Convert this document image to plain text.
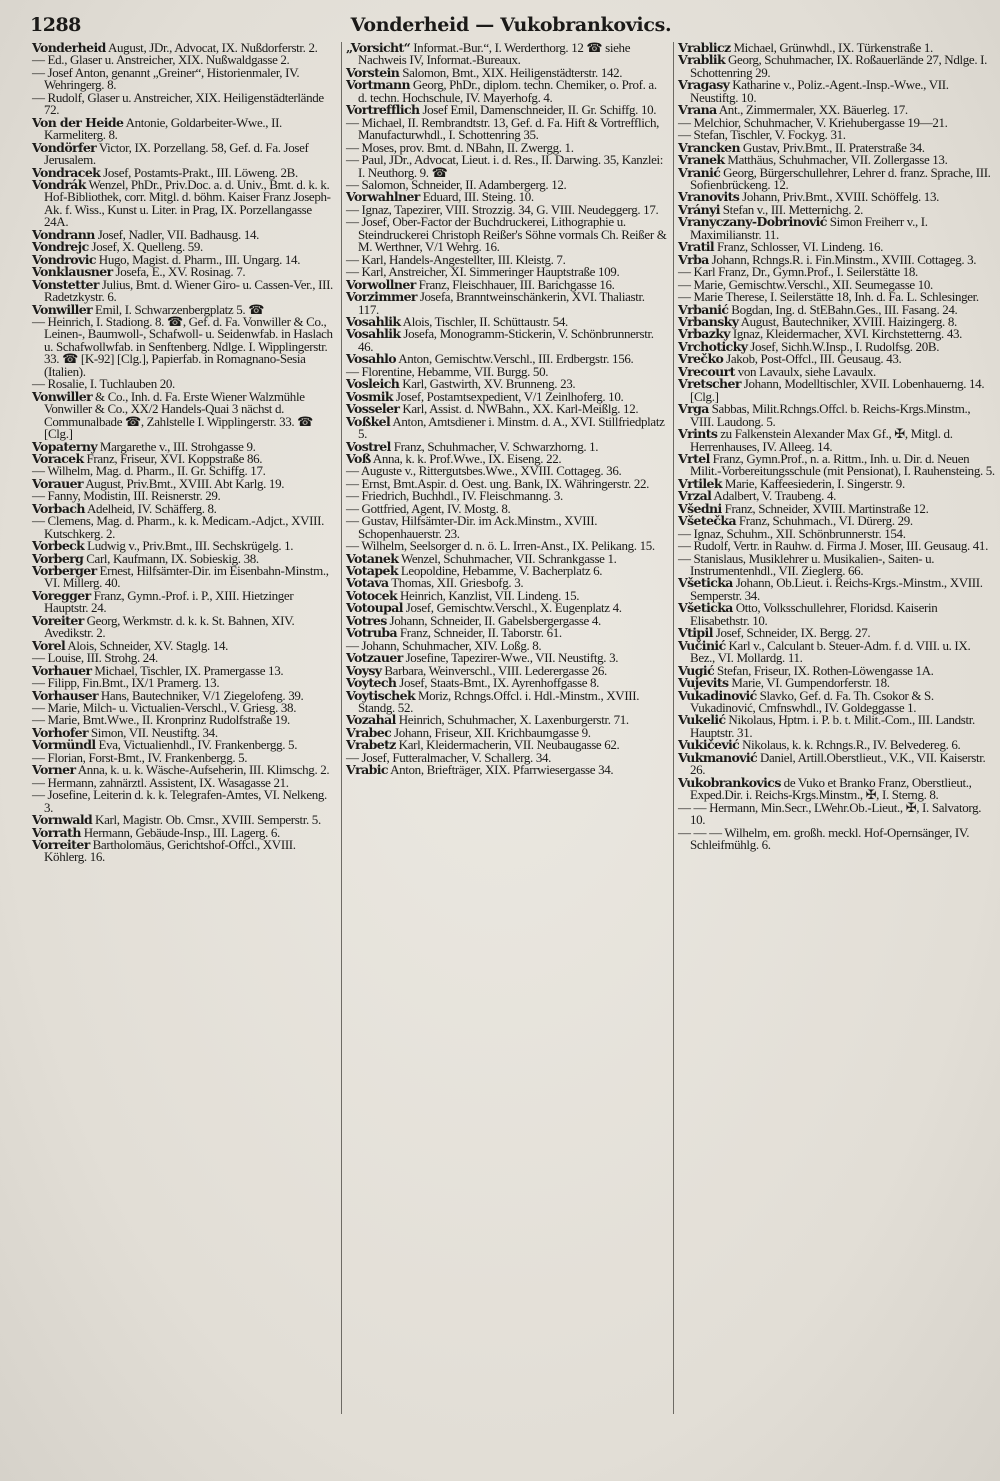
1288	Vonderheid — Vukobrankovics.

Vonderheid August, JDr., Advocat, IX. Nußdorferstr. 2.

— Ed., Glaser u. Anstreicher, XIX. Nußwaldgasse 2.

— Josef Anton, genannt „Greiner“, Historienmaler, IV. Wehringerg. 8.

— Rudolf, Glaser u. Anstreicher, XIX. Heiligenstädterlände 72.

Von der Heide Antonie, Goldarbeiter-Wwe., II. Karmeliterg. 8.

Vondörfer Victor, IX. Porzellang. 58, Gef. d. Fa. Josef Jerusalem.

Vondracek Josef, Postamts-Prakt., III. Löweng. 2B.

Vondrák Wenzel, PhDr., Priv.Doc. a. d. Univ., Bmt. d. k. k. Hof-Bibliothek, corr. Mitgl. d. böhm. Kaiser Franz Joseph-Ak. f. Wiss., Kunst u. Liter. in Prag, IX. Porzellangasse 24A.

Vondrann Josef, Nadler, VII. Badhausg. 14.

Vondrejc Josef, X. Quelleng. 59.

Vondrovic Hugo, Magist. d. Pharm., III. Ungarg. 14.

Vonklausner Josefa, E., XV. Rosinag. 7.

Vonstetter Julius, Bmt. d. Wiener Giro- u. Cassen-Ver., III. Radetzkystr. 6.

Vonwiller Emil, I. Schwarzenbergplatz 5. ☎

— Heinrich, I. Stadiong. 8. ☎, Gef. d. Fa. Vonwiller & Co., Leinen-, Baumwoll-, Schafwoll- u. Seidenwfab. in Haslach u. Schafwollwfab. in Senftenberg. Ndlge. I. Wipplingerstr. 33. ☎ [K-92] [Clg.], Papierfab. in Romagnano-Sesia (Italien).

— Rosalie, I. Tuchlauben 20.

Vonwiller & Co., Inh. d. Fa. Erste Wiener Walzmühle Vonwiller & Co., XX/2 Handels-Quai 3 nächst d. Communalbade ☎, Zahlstelle I. Wipplingerstr. 33. ☎ [Clg.]

Vopaterny Margarethe v., III. Strohgasse 9.

Voracek Franz, Friseur, XVI. Koppstraße 86.

— Wilhelm, Mag. d. Pharm., II. Gr. Schiffg. 17.

Vorauer August, Priv.Bmt., XVIII. Abt Karlg. 19.

— Fanny, Modistin, III. Reisnerstr. 29.

Vorbach Adelheid, IV. Schäfferg. 8.

— Clemens, Mag. d. Pharm., k. k. Medicam.-Adjct., XVIII. Kutschkerg. 2.

Vorbeck Ludwig v., Priv.Bmt., III. Sechskrügelg. 1.

Vorberg Carl, Kaufmann, IX. Sobieskig. 38.

Vorberger Ernest, Hilfsämter-Dir. im Eisenbahn-Minstm., VI. Millerg. 40.

Voregger Franz, Gymn.-Prof. i. P., XIII. Hietzinger Hauptstr. 24.

Voreiter Georg, Werkmstr. d. k. k. St. Bahnen, XIV. Avedikstr. 2.

Vorel Alois, Schneider, XV. Staglg. 14.

— Louise, III. Strohg. 24.

Vorhauer Michael, Tischler, IX. Pramergasse 13.

— Filipp, Fin.Bmt., IX/1 Pramerg. 13.

Vorhauser Hans, Bautechniker, V/1 Ziegelofeng. 39.

— Marie, Milch- u. Victualien-Verschl., V. Griesg. 38.

— Marie, Bmt.Wwe., II. Kronprinz Rudolfstraße 19.

Vorhofer Simon, VII. Neustiftg. 34.

Vormündl Eva, Victualienhdl., IV. Frankenbergg. 5.

— Florian, Forst-Bmt., IV. Frankenbergg. 5.

Vorner Anna, k. u. k. Wäsche-Aufseherin, III. Klimschg. 2.

— Hermann, zahnärztl. Assistent, IX. Wasagasse 21.

— Josefine, Leiterin d. k. k. Telegrafen-Amtes, VI. Nelkeng. 3.

Vornwald Karl, Magistr. Ob. Cmsr., XVIII. Semperstr. 5.

Vorrath Hermann, Gebäude-Insp., III. Lagerg. 6.

Vorreiter Bartholomäus, Gerichtshof-Offcl., XVIII. Köhlerg. 16.

„Vorsicht“ Informat.-Bur.“, I. Werderthorg. 12 ☎ siehe Nachweis IV, Informat.-Bureaux.

Vorstein Salomon, Bmt., XIX. Heiligenstädterstr. 142.

Vortmann Georg, PhDr., diplom. techn. Chemiker, o. Prof. a. d. techn. Hochschule, IV. Mayerhofg. 4.

Vortrefflich Josef Emil, Damenschneider, II. Gr. Schiffg. 10.

— Michael, II. Rembrandtstr. 13, Gef. d. Fa. Hift & Vortrefflich, Manufacturwhdl., I. Schottenring 35.

— Moses, prov. Bmt. d. NBahn, II. Zwergg. 1.

— Paul, JDr., Advocat, Lieut. i. d. Res., II. Darwing. 35, Kanzlei: I. Neuthorg. 9. ☎

— Salomon, Schneider, II. Adambergerg. 12.

Vorwahlner Eduard, III. Steing. 10.

— Ignaz, Tapezirer, VIII. Strozzig. 34, G. VIII. Neudeggerg. 17.

— Josef, Ober-Factor der Buchdruckerei, Lithographie u. Steindruckerei Christoph Reißer's Söhne vormals Ch. Reißer & M. Werthner, V/1 Wehrg. 16.

— Karl, Handels-Angestellter, III. Kleistg. 7.

— Karl, Anstreicher, XI. Simmeringer Hauptstraße 109.

Vorwollner Franz, Fleischhauer, III. Barichgasse 16.

Vorzimmer Josefa, Branntweinschänkerin, XVI. Thaliastr. 117.

Vosahlik Alois, Tischler, II. Schüttaustr. 54.

Vosahlik Josefa, Monogramm-Stickerin, V. Schönbrunnerstr. 46.

Vosahlo Anton, Gemischtw.Verschl., III. Erdbergstr. 156.

— Florentine, Hebamme, VII. Burgg. 50.

Vosleich Karl, Gastwirth, XV. Brunneng. 23.

Vosmik Josef, Postamtsexpedient, V/1 Zeinlhoferg. 10.

Vosseler Karl, Assist. d. NWBahn., XX. Karl-Meißlg. 12.

Voßkel Anton, Amtsdiener i. Minstm. d. A., XVI. Stillfriedplatz 5.

Vostrel Franz, Schuhmacher, V. Schwarzhorng. 1.

Voß Anna, k. k. Prof.Wwe., IX. Eiseng. 22.

— Auguste v., Rittergutsbes.Wwe., XVIII. Cottageg. 36.

— Ernst, Bmt.Aspir. d. Oest. ung. Bank, IX. Währingerstr. 22.

— Friedrich, Buchhdl., IV. Fleischmanng. 3.

— Gottfried, Agent, IV. Mostg. 8.

— Gustav, Hilfsämter-Dir. im Ack.Minstm., XVIII. Schopenhauerstr. 23.

— Wilhelm, Seelsorger d. n. ö. L. Irren-Anst., IX. Pelikang. 15.

Votanek Wenzel, Schuhmacher, VII. Schrankgasse 1.

Votapek Leopoldine, Hebamme, V. Bacherplatz 6.

Votava Thomas, XII. Griesbofg. 3.

Votocek Heinrich, Kanzlist, VII. Lindeng. 15.

Votoupal Josef, Gemischtw.Verschl., X. Eugenplatz 4.

Votres Johann, Schneider, II. Gabelsbergergasse 4.

Votruba Franz, Schneider, II. Taborstr. 61.

— Johann, Schuhmacher, XIV. Loßg. 8.

Votzauer Josefine, Tapezirer-Wwe., VII. Neustiftg. 3.

Voysy Barbara, Weinverschl., VIII. Lederergasse 26.

Voytech Josef, Staats-Bmt., IX. Ayrenhoffgasse 8.

Voytischek Moriz, Rchngs.Offcl. i. Hdl.-Minstm., XVIII. Standg. 52.

Vozahal Heinrich, Schuhmacher, X. Laxenburgerstr. 71.

Vrabec Johann, Friseur, XII. Krichbaumgasse 9.

Vrabetz Karl, Kleidermacherin, VII. Neubaugasse 62.

— Josef, Futteralmacher, V. Schallerg. 34.

Vrabic Anton, Briefträger, XIX. Pfarrwiesergasse 34.

Vrablicz Michael, Grünwhdl., IX. Türkenstraße 1.

Vrablik Georg, Schuhmacher, IX. Roßauerlände 27, Ndlge. I. Schottenring 29.

Vragasy Katharine v., Poliz.-Agent.-Insp.-Wwe., VII. Neustiftg. 10.

Vrana Ant., Zimmermaler, XX. Bäuerleg. 17.

— Melchior, Schuhmacher, V. Kriehubergasse 19—21.

— Stefan, Tischler, V. Fockyg. 31.

Vrancken Gustav, Priv.Bmt., II. Praterstraße 34.

Vranek Matthäus, Schuhmacher, VII. Zollergasse 13.

Vranić Georg, Bürgerschullehrer, Lehrer d. franz. Sprache, III. Sofienbrückeng. 12.

Vranovits Johann, Priv.Bmt., XVIII. Schöffelg. 13.

Vrányi Stefan v., III. Metternichg. 2.

Vranyczany-Dobrinović Simon Freiherr v., I. Maximilianstr. 11.

Vratil Franz, Schlosser, VI. Lindeng. 16.

Vrba Johann, Rchngs.R. i. Fin.Minstm., XVIII. Cottageg. 3.

— Karl Franz, Dr., Gymn.Prof., I. Seilerstätte 18.

— Marie, Gemischtw.Verschl., XII. Seumegasse 10.

— Marie Therese, I. Seilerstätte 18, Inh. d. Fa. L. Schlesinger.

Vrbanić Bogdan, Ing. d. StEBahn.Ges., III. Fasang. 24.

Vrbansky August, Bautechniker, XVIII. Haizingerg. 8.

Vrbazky Ignaz, Kleidermacher, XVI. Kirchstetterng. 43.

Vrchoticky Josef, Sichh.W.Insp., I. Rudolfsg. 20B.

Vrečko Jakob, Post-Offcl., III. Geusaug. 43.

Vrecourt von Lavaulx, siehe Lavaulx.

Vretscher Johann, Modelltischler, XVII. Lobenhauerng. 14. [Clg.]

Vrga Sabbas, Milit.Rchngs.Offcl. b. Reichs-Krgs.Minstm., VIII. Laudong. 5.

Vrints zu Falkenstein Alexander Max Gf., ✠, Mitgl. d. Herrenhauses, IV. Alleeg. 14.

Vrtel Franz, Gymn.Prof., n. a. Rittm., Inh. u. Dir. d. Neuen Milit.-Vorbereitungsschule (mit Pensionat), I. Rauhensteing. 5.

Vrtilek Marie, Kaffeesiederin, I. Singerstr. 9.

Vrzal Adalbert, V. Traubeng. 4.

Všedni Franz, Schneider, XVIII. Martinstraße 12.

Všetečka Franz, Schuhmach., VI. Dürerg. 29.

— Ignaz, Schuhm., XII. Schönbrunnerstr. 154.

— Rudolf, Vertr. in Rauhw. d. Firma J. Moser, III. Geusaug. 41.

— Stanislaus, Musiklehrer u. Musikalien-, Saiten- u. Instrumentenhdl., VII. Zieglerg. 66.

Všeticka Johann, Ob.Lieut. i. Reichs-Krgs.-Minstm., XVIII. Semperstr. 34.

Všeticka Otto, Volksschullehrer, Floridsd. Kaiserin Elisabethstr. 10.

Vtipil Josef, Schneider, IX. Bergg. 27.

Vučinić Karl v., Calculant b. Steuer-Adm. f. d. VIII. u. IX. Bez., VI. Mollardg. 11.

Vugić Stefan, Friseur, IX. Rothen-Löwengasse 1A.

Vujevits Marie, VI. Gumpendorferstr. 18.

Vukadinović Slavko, Gef. d. Fa. Th. Csokor & S. Vukadinović, Cmfnswhdl., IV. Goldeggasse 1.

Vukelić Nikolaus, Hptm. i. P. b. t. Milit.-Com., III. Landstr. Hauptstr. 31.

Vukičević Nikolaus, k. k. Rchngs.R., IV. Belvedereg. 6.

Vukmanović Daniel, Artill.Oberstlieut., V.K., VII. Kaiserstr. 26.

Vukobrankovics de Vuko et Branko Franz, Oberstlieut., Exped.Dir. i. Reichs-Krgs.Minstm., ✠, I. Sterng. 8.

— — Hermann, Min.Secr., LWehr.Ob.-Lieut., ✠, I. Salvatorg. 10.

— — — Wilhelm, em. großh. meckl. Hof-Opernsänger, IV. Schleifmühlg. 6.
